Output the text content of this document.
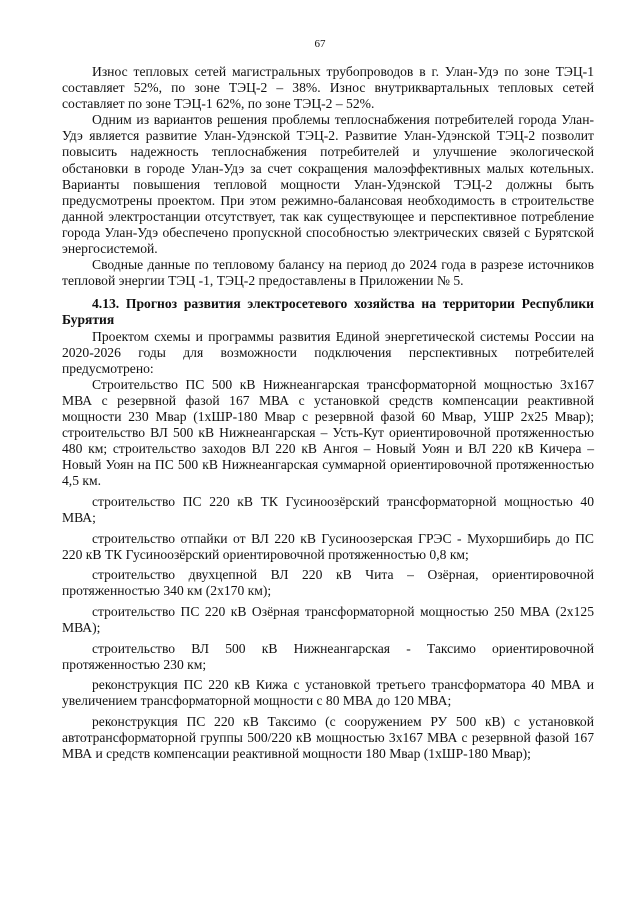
67

Износ тепловых сетей магистральных трубопроводов в г. Улан-Удэ по зоне ТЭЦ-1 составляет 52%, по зоне ТЭЦ-2 – 38%. Износ внутриквартальных тепловых сетей составляет по зоне ТЭЦ-1 62%, по зоне ТЭЦ-2 – 52%.

Одним из вариантов решения проблемы теплоснабжения потребителей города Улан-Удэ является развитие Улан-Удэнской ТЭЦ-2. Развитие Улан-Удэнской ТЭЦ-2 позволит повысить надежность теплоснабжения потребителей и улучшение экологической обстановки в городе Улан-Удэ за счет сокращения малоэффективных малых котельных. Варианты повышения тепловой мощности Улан-Удэнской ТЭЦ-2 должны быть предусмотрены проектом. При этом режимно-балансовая необходимость в строительстве данной электростанции отсутствует, так как существующее и перспективное потребление города Улан-Удэ обеспечено пропускной способностью электрических связей с Бурятской энергосистемой.

Сводные данные по тепловому балансу на период до 2024 года в разрезе источников тепловой энергии ТЭЦ -1, ТЭЦ-2 предоставлены в Приложении № 5.

4.13. Прогноз развития электросетевого хозяйства на территории Республики Бурятия

Проектом схемы и программы развития Единой энергетической системы России на 2020-2026 годы для возможности подключения перспективных потребителей предусмотрено:

Строительство ПС 500 кВ Нижнеангарская трансформаторной мощностью 3х167 МВА с резервной фазой 167 МВА с установкой средств компенсации реактивной мощности 230 Мвар (1хШР-180 Мвар с резервной фазой 60 Мвар, УШР 2х25 Мвар); строительство ВЛ 500 кВ Нижнеангарская – Усть-Кут ориентировочной протяженностью 480 км; строительство заходов ВЛ 220 кВ Ангоя – Новый Уоян и ВЛ 220 кВ Кичера – Новый Уоян на ПС 500 кВ Нижнеангарская суммарной ориентировочной протяженностью 4,5 км.

строительство ПС 220 кВ ТК Гусиноозёрский трансформаторной мощностью 40 МВА;

строительство отпайки от ВЛ 220 кВ Гусиноозерская ГРЭС - Мухоршибирь до ПС 220 кВ ТК Гусиноозёрский ориентировочной протяженностью 0,8 км;

строительство двухцепной ВЛ 220 кВ Чита – Озёрная, ориентировочной протяженностью 340 км (2х170 км);

строительство ПС 220 кВ Озёрная трансформаторной мощностью 250 МВА (2х125 МВА);

строительство ВЛ 500 кВ Нижнеангарская - Таксимо ориентировочной протяженностью 230 км;

реконструкция ПС 220 кВ Кижа с установкой третьего трансформатора 40 МВА и увеличением трансформаторной мощности с 80 МВА до 120 МВА;

реконструкция ПС 220 кВ Таксимо (с сооружением РУ 500 кВ) с установкой автотрансформаторной группы 500/220 кВ мощностью 3х167 МВА с резервной фазой 167 МВА и средств компенсации реактивной мощности 180 Мвар (1хШР-180 Мвар);
